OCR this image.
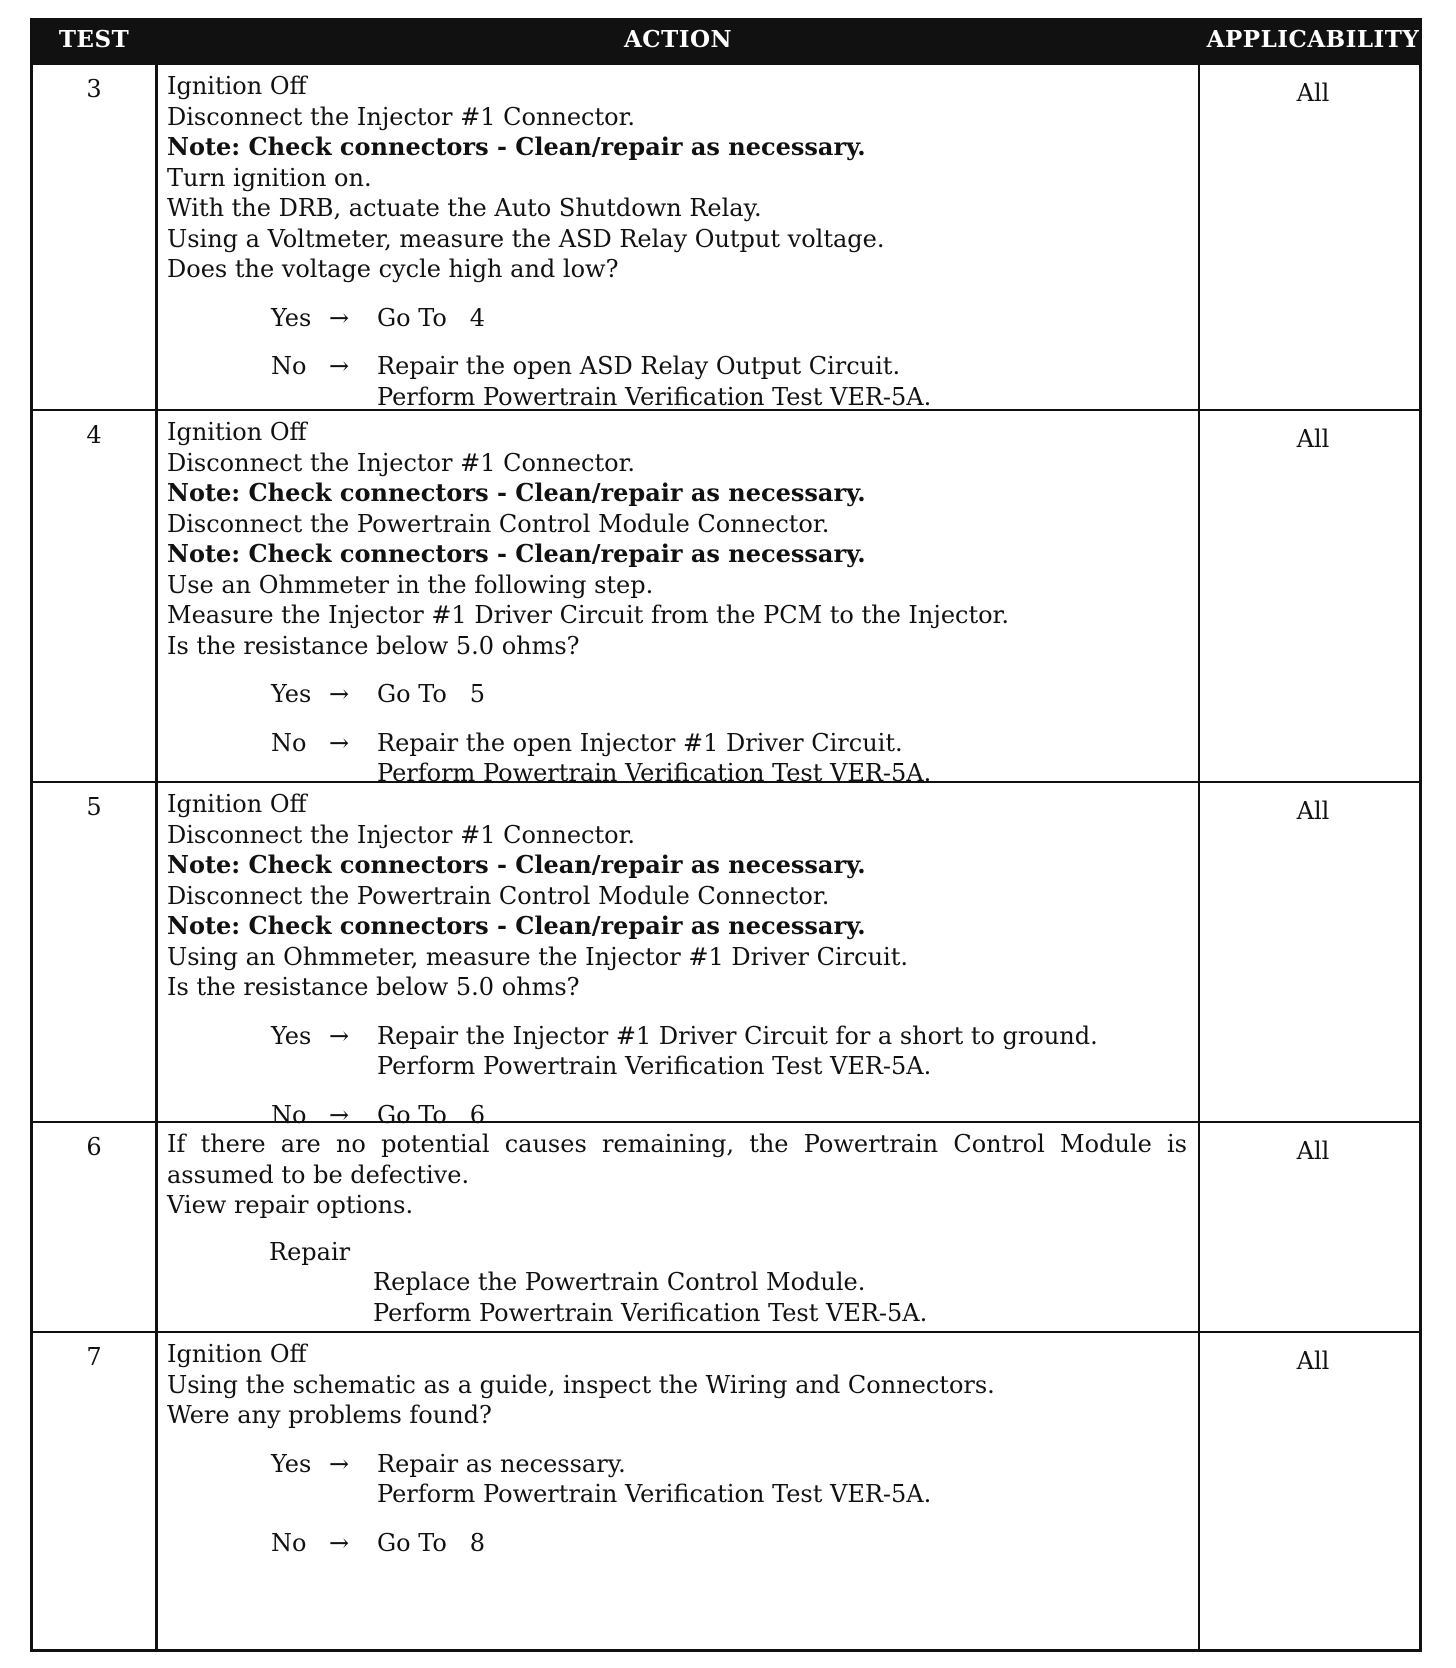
TEST	ACTION	APPLICABILITY
3	Ignition Off
Disconnect the Injector #1 Connector.
Note: Check connectors - Clean/repair as necessary.
Turn ignition on.
With the DRB, actuate the Auto Shutdown Relay.
Using a Voltmeter, measure the ASD Relay Output voltage.
Does the voltage cycle high and low?
Yes →	Go To   4
No →	Repair the open ASD Relay Output Circuit.
Perform Powertrain Verification Test VER-5A.
All
4	Ignition Off
Disconnect the Injector #1 Connector.
Note: Check connectors - Clean/repair as necessary.
Disconnect the Powertrain Control Module Connector.
Note: Check connectors - Clean/repair as necessary.
Use an Ohmmeter in the following step.
Measure the Injector #1 Driver Circuit from the PCM to the Injector.
Is the resistance below 5.0 ohms?
Yes →	Go To   5
No →	Repair the open Injector #1 Driver Circuit.
Perform Powertrain Verification Test VER-5A.
All
5	Ignition Off
Disconnect the Injector #1 Connector.
Note: Check connectors - Clean/repair as necessary.
Disconnect the Powertrain Control Module Connector.
Note: Check connectors - Clean/repair as necessary.
Using an Ohmmeter, measure the Injector #1 Driver Circuit.
Is the resistance below 5.0 ohms?
Yes →	Repair the Injector #1 Driver Circuit for a short to ground.
Perform Powertrain Verification Test VER-5A.
No →	Go To   6
All
6	If there are no potential causes remaining, the Powertrain Control Module is assumed to be defective.
View repair options.
Repair
Replace the Powertrain Control Module.
Perform Powertrain Verification Test VER-5A.
All
7	Ignition Off
Using the schematic as a guide, inspect the Wiring and Connectors.
Were any problems found?
Yes →	Repair as necessary.
Perform Powertrain Verification Test VER-5A.
No →	Go To   8
All
